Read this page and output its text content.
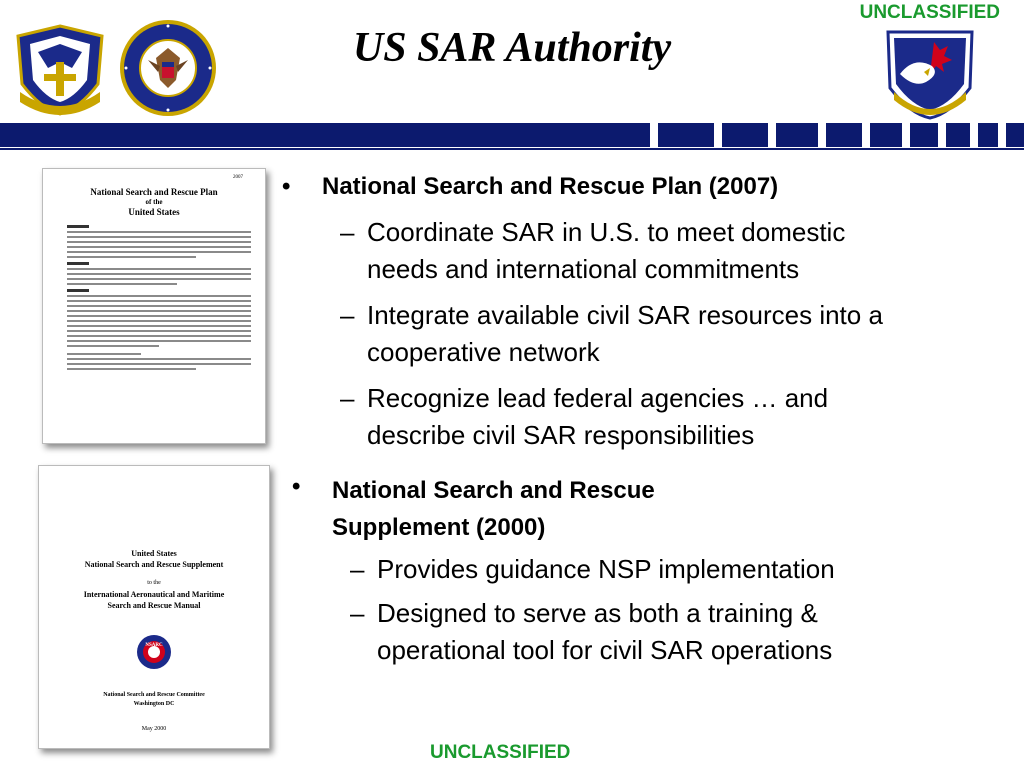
UNCLASSIFIED
UNCLASSIFIED
US SAR Authority
2007
National Search and Rescue Plan
of the
United States
United States
National Search and Rescue Supplement
to the
International Aeronautical and Maritime
Search and Rescue Manual
NSARC
National Search and Rescue Committee
Washington DC
May 2000
• National Search and Rescue Plan (2007)
– Coordinate SAR in U.S. to meet domestic
needs and international commitments
– Integrate available civil SAR resources into a
cooperative network
– Recognize lead federal agencies … and
describe civil SAR responsibilities
• National Search and Rescue
Supplement (2000)
– Provides guidance NSP implementation
– Designed to serve as both a training &
operational tool for civil SAR operations
